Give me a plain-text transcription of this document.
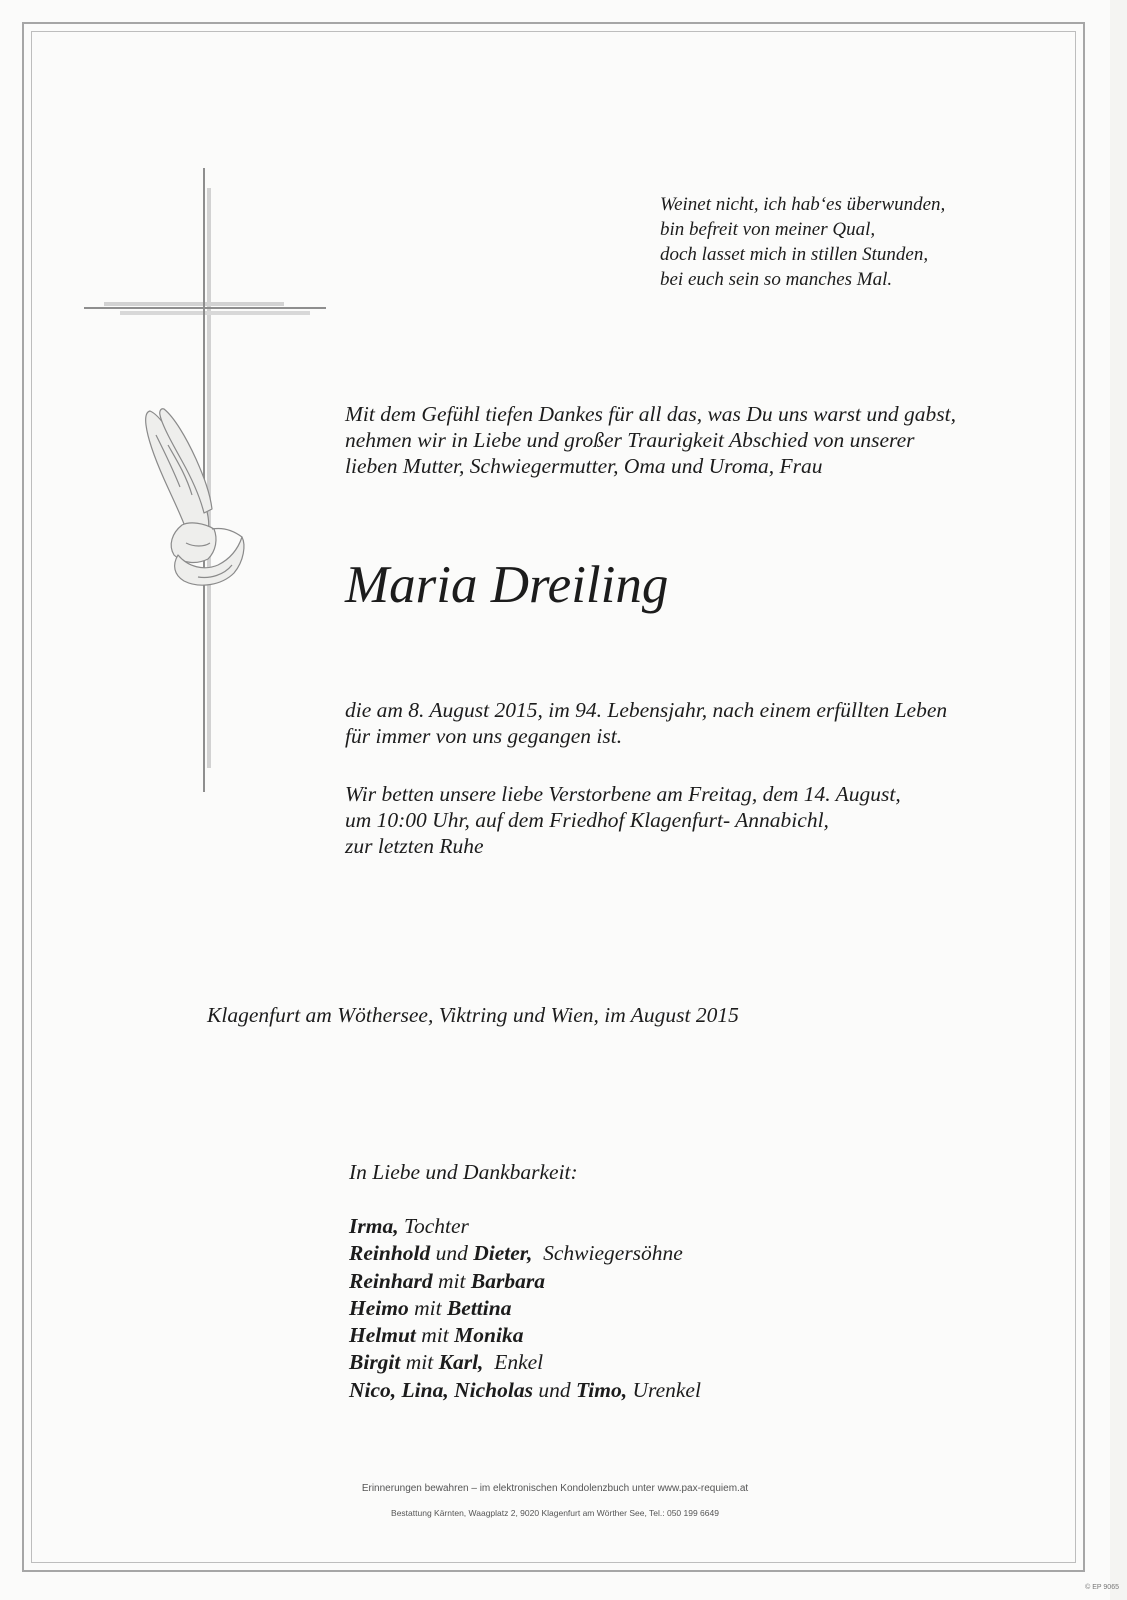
Weinet nicht, ich hab‘es überwunden,
bin befreit von meiner Qual,
doch lasset mich in stillen Stunden,
bei euch sein so manches Mal.
Mit dem Gefühl tiefen Dankes für all das, was Du uns warst und gabst,
nehmen wir in Liebe und großer Traurigkeit Abschied von unserer
lieben Mutter, Schwiegermutter, Oma und Uroma, Frau
Maria Dreiling
die am 8. August 2015, im 94. Lebensjahr, nach einem erfüllten Leben
für immer von uns gegangen ist.
Wir betten unsere liebe Verstorbene am Freitag, dem 14. August,
um 10:00 Uhr, auf dem Friedhof Klagenfurt- Annabichl,
zur letzten Ruhe
Klagenfurt am Wöthersee, Viktring und Wien, im August 2015
In Liebe und Dankbarkeit:
Irma, Tochter
Reinhold und Dieter,  Schwiegersöhne
Reinhard mit Barbara
Heimo mit Bettina
Helmut mit Monika
Birgit mit Karl,  Enkel
Nico, Lina, Nicholas und Timo, Urenkel
Erinnerungen bewahren – im elektronischen Kondolenzbuch unter www.pax-requiem.at
Bestattung Kärnten, Waagplatz 2, 9020 Klagenfurt am Wörther See, Tel.: 050 199 6649
© EP 9065
